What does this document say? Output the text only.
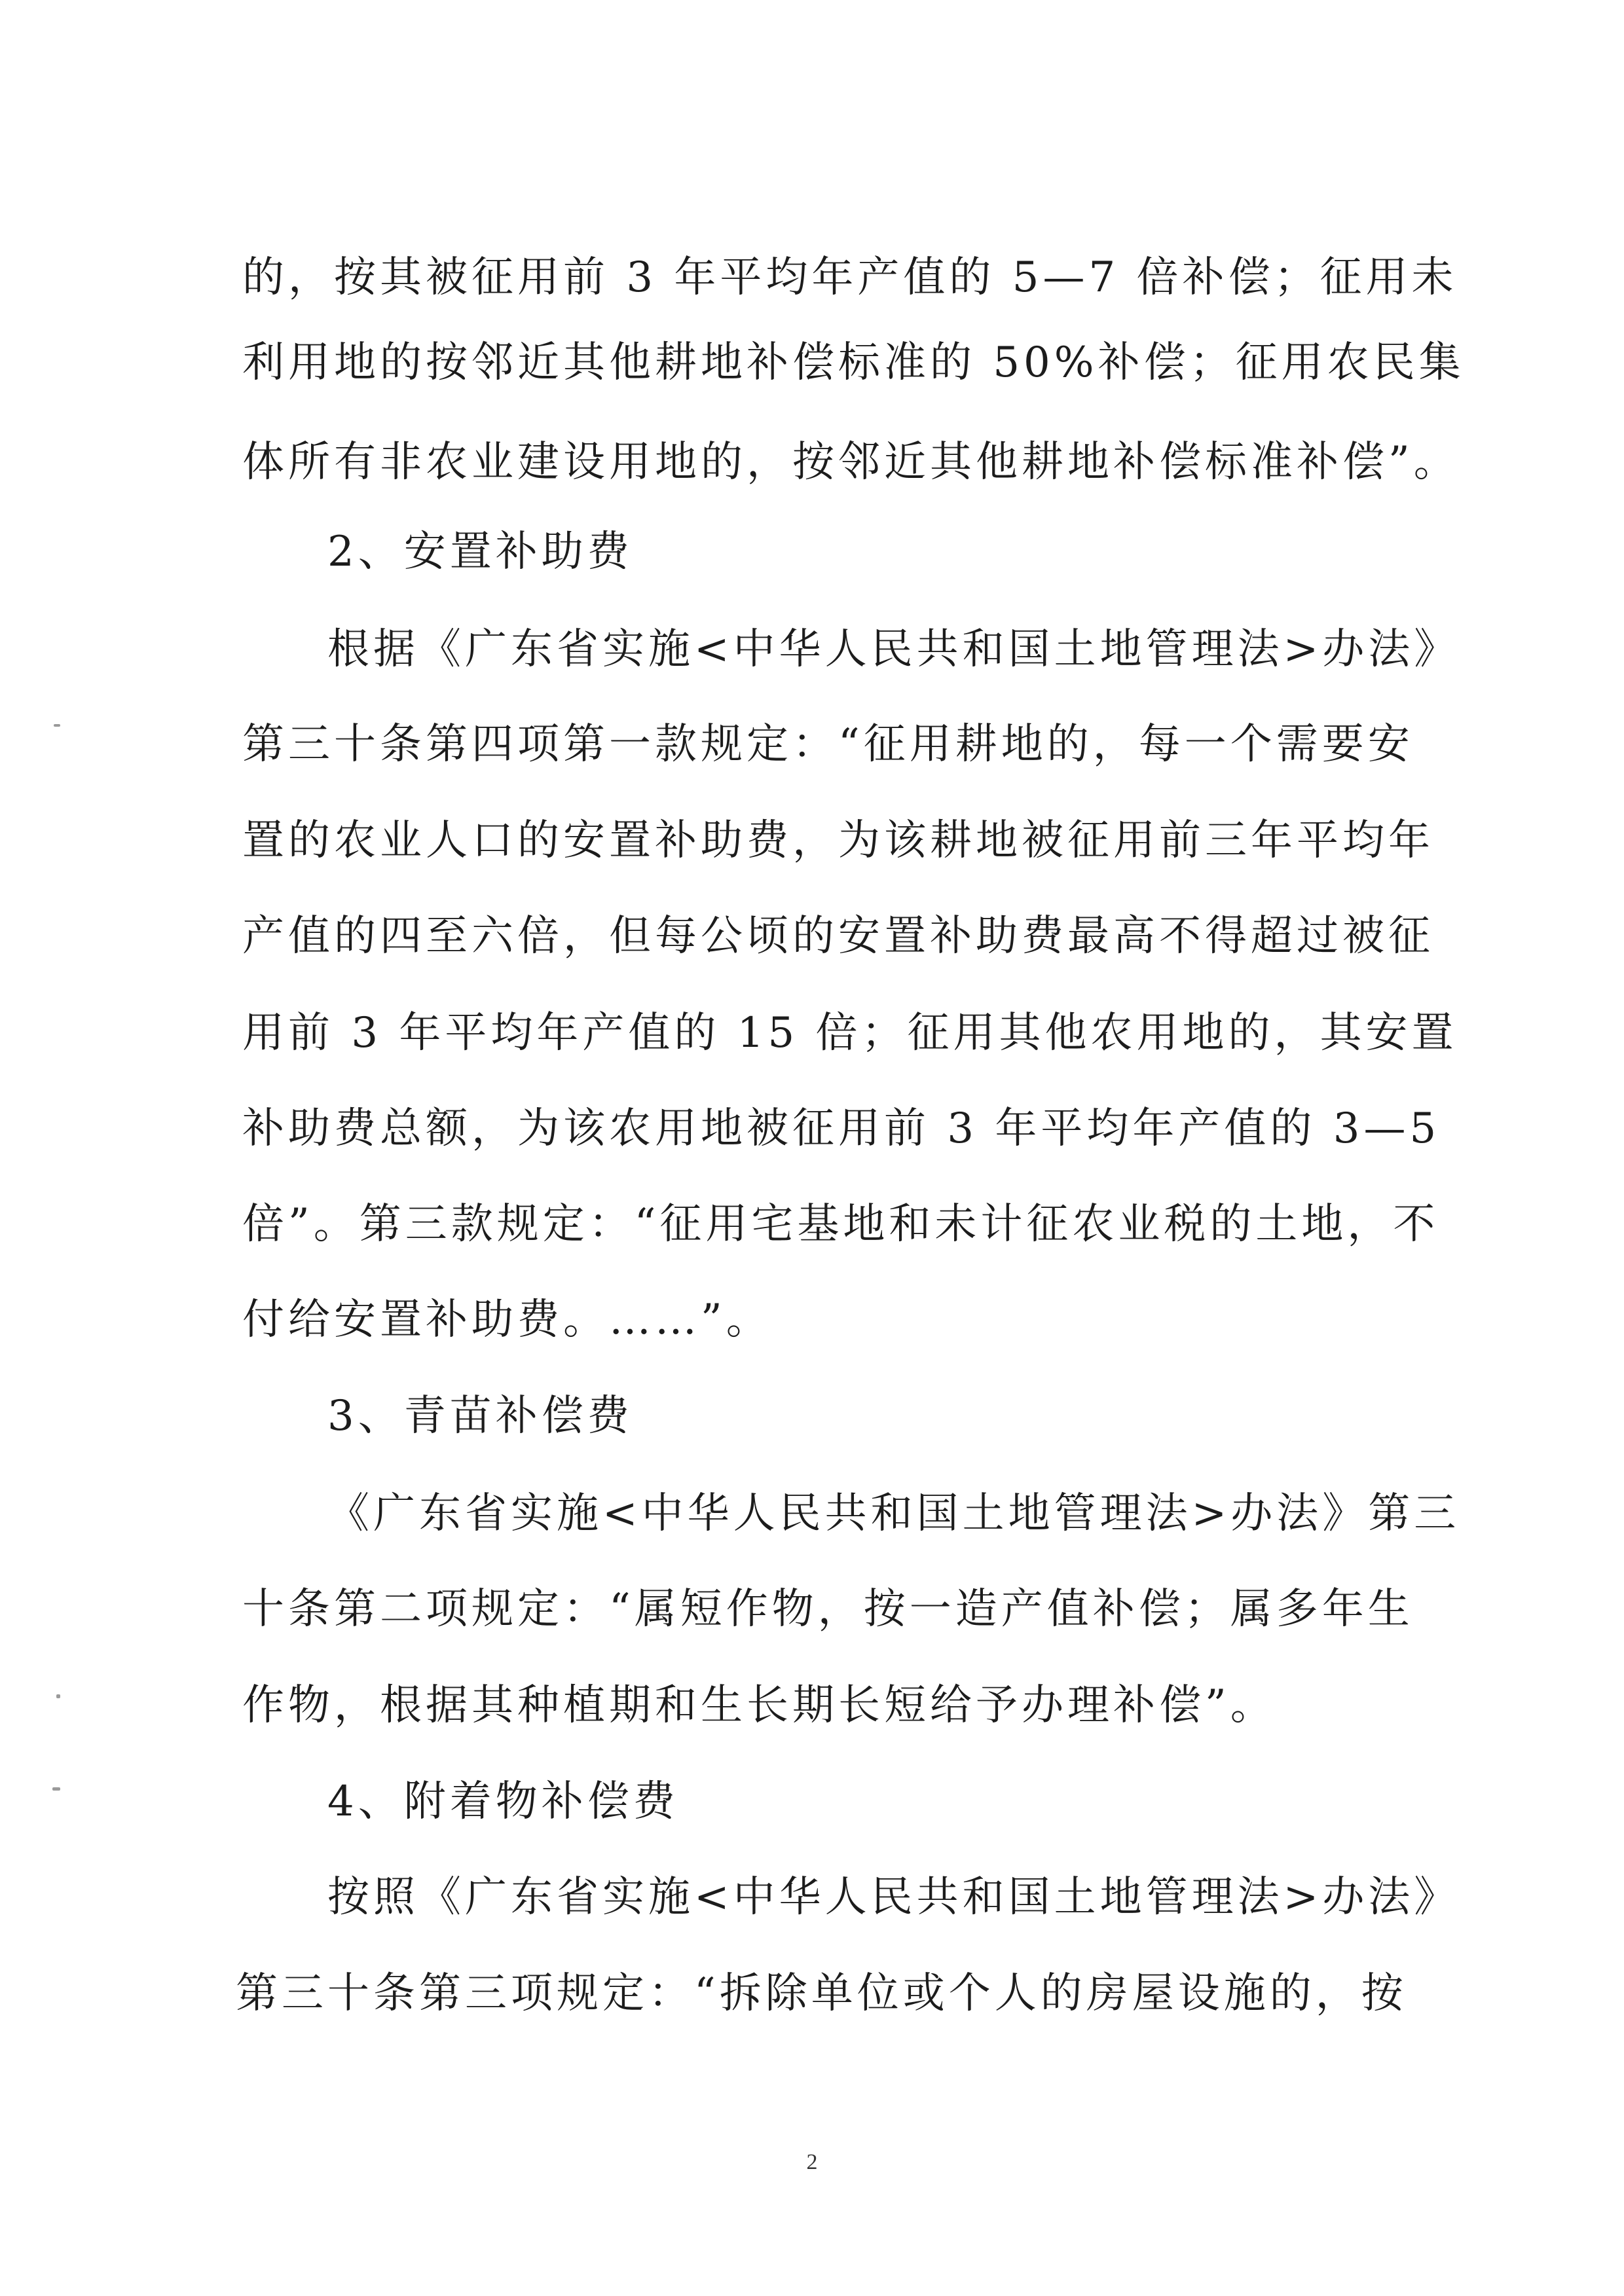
的，按其被征用前 3 年平均年产值的 5—7 倍补偿；征用未
利用地的按邻近其他耕地补偿标准的 50%补偿；征用农民集
体所有非农业建设用地的，按邻近其他耕地补偿标准补偿”。
2、安置补助费
根据《广东省实施<中华人民共和国土地管理法>办法》
第三十条第四项第一款规定：“征用耕地的，每一个需要安
置的农业人口的安置补助费，为该耕地被征用前三年平均年
产值的四至六倍，但每公顷的安置补助费最高不得超过被征
用前 3 年平均年产值的 15 倍；征用其他农用地的，其安置
补助费总额，为该农用地被征用前 3 年平均年产值的 3—5
倍”。第三款规定：“征用宅基地和未计征农业税的土地，不
付给安置补助费。……”。
3、青苗补偿费
《广东省实施<中华人民共和国土地管理法>办法》第三
十条第二项规定：“属短作物，按一造产值补偿；属多年生
作物，根据其种植期和生长期长短给予办理补偿”。
4、附着物补偿费
按照《广东省实施<中华人民共和国土地管理法>办法》
第三十条第三项规定：“拆除单位或个人的房屋设施的，按
2
